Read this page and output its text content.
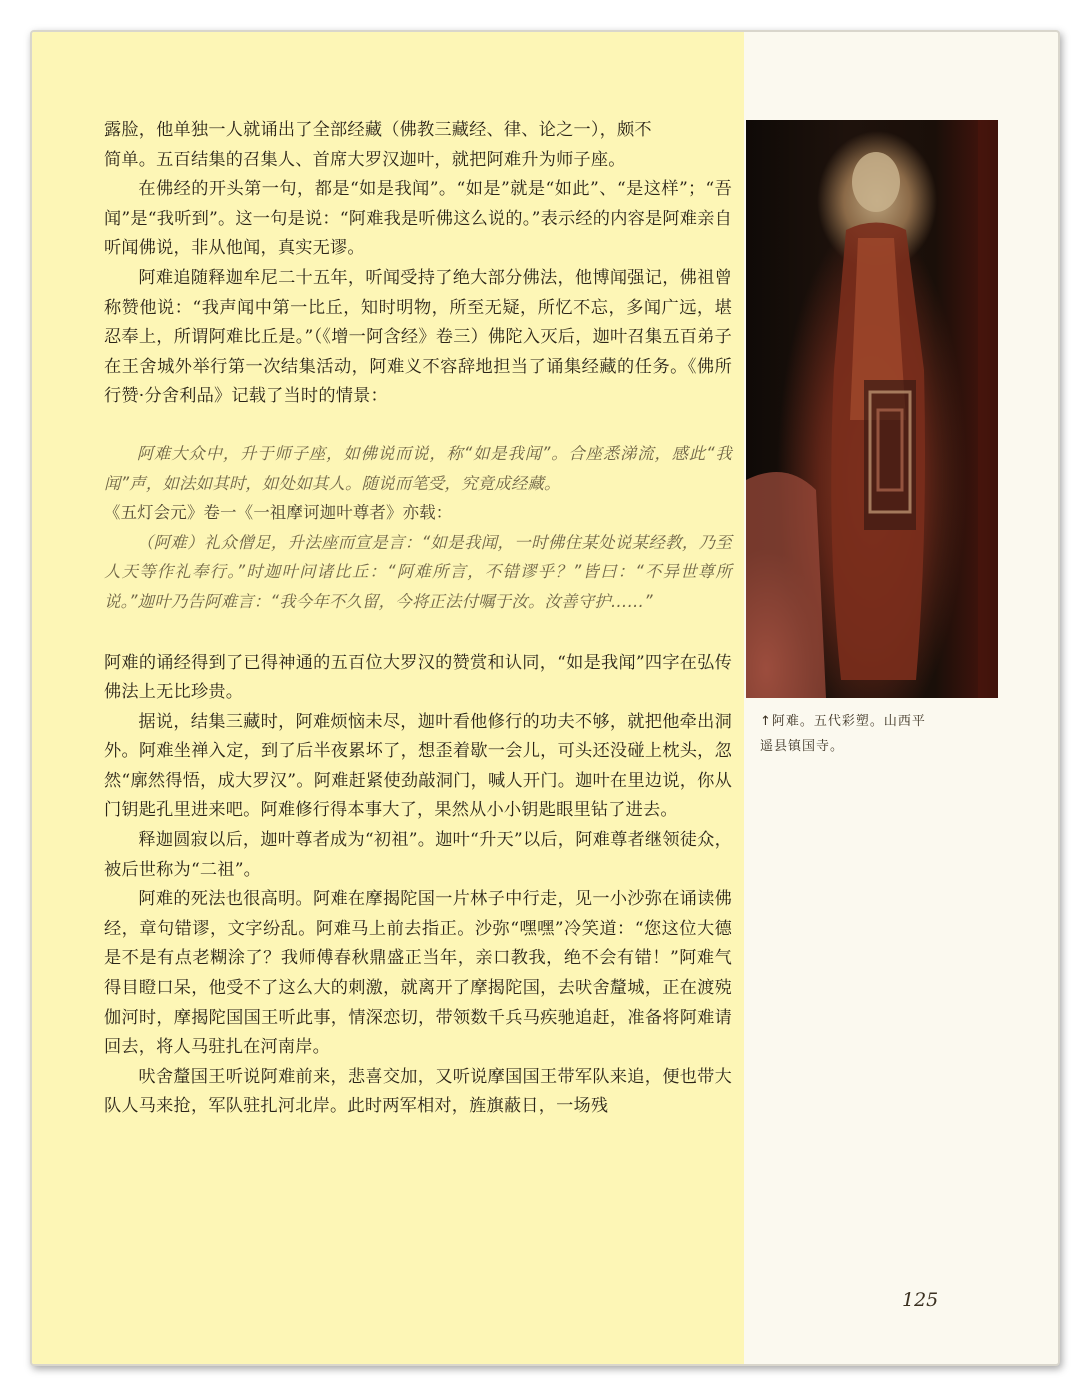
露脸，他单独一人就诵出了全部经藏（佛教三藏经、律、论之一），颇不

简单。五百结集的召集人、首席大罗汉迦叶，就把阿难升为师子座。

在佛经的开头第一句，都是“如是我闻”。“如是”就是“如此”、“是这样”；“吾闻”是“我听到”。这一句是说：“阿难我是听佛这么说的。”表示经的内容是阿难亲自听闻佛说，非从他闻，真实无谬。

阿难追随释迦牟尼二十五年，听闻受持了绝大部分佛法，他博闻强记，佛祖曾称赞他说：“我声闻中第一比丘，知时明物，所至无疑，所忆不忘，多闻广远，堪忍奉上，所谓阿难比丘是。”（《增一阿含经》卷三）佛陀入灭后，迦叶召集五百弟子在王舍城外举行第一次结集活动，阿难义不容辞地担当了诵集经藏的任务。《佛所行赞·分舍利品》记载了当时的情景：

阿难大众中，升于师子座，如佛说而说，称“如是我闻”。合座悉涕流，感此“我闻”声，如法如其时，如处如其人。随说而笔受，究竟成经藏。

《五灯会元》卷一《一祖摩诃迦叶尊者》亦载：

（阿难）礼众僧足，升法座而宣是言：“如是我闻，一时佛住某处说某经教，乃至人天等作礼奉行。”时迦叶问诸比丘：“阿难所言，不错谬乎？”皆曰：“不异世尊所说。”迦叶乃告阿难言：“我今年不久留，今将正法付嘱于汝。汝善守护……”

阿难的诵经得到了已得神通的五百位大罗汉的赞赏和认同，“如是我闻”四字在弘传佛法上无比珍贵。

据说，结集三藏时，阿难烦恼未尽，迦叶看他修行的功夫不够，就把他牵出洞外。阿难坐禅入定，到了后半夜累坏了，想歪着歇一会儿，可头还没碰上枕头，忽然“廓然得悟，成大罗汉”。阿难赶紧使劲敲洞门，喊人开门。迦叶在里边说，你从门钥匙孔里进来吧。阿难修行得本事大了，果然从小小钥匙眼里钻了进去。

释迦圆寂以后，迦叶尊者成为“初祖”。迦叶“升天”以后，阿难尊者继领徒众，被后世称为“二祖”。

阿难的死法也很高明。阿难在摩揭陀国一片林子中行走，见一小沙弥在诵读佛经，章句错谬，文字纷乱。阿难马上前去指正。沙弥“嘿嘿”冷笑道：“您这位大德是不是有点老糊涂了？我师傅春秋鼎盛正当年，亲口教我，绝不会有错！”阿难气得目瞪口呆，他受不了这么大的刺激，就离开了摩揭陀国，去吠舍釐城，正在渡殑伽河时，摩揭陀国国王听此事，情深恋切，带领数千兵马疾驰追赶，准备将阿难请回去，将人马驻扎在河南岸。

吠舍釐国王听说阿难前来，悲喜交加，又听说摩国国王带军队来追，便也带大队人马来抢，军队驻扎河北岸。此时两军相对，旌旗蔽日，一场残

↑阿难。五代彩塑。山西平
遥县镇国寺。
125
